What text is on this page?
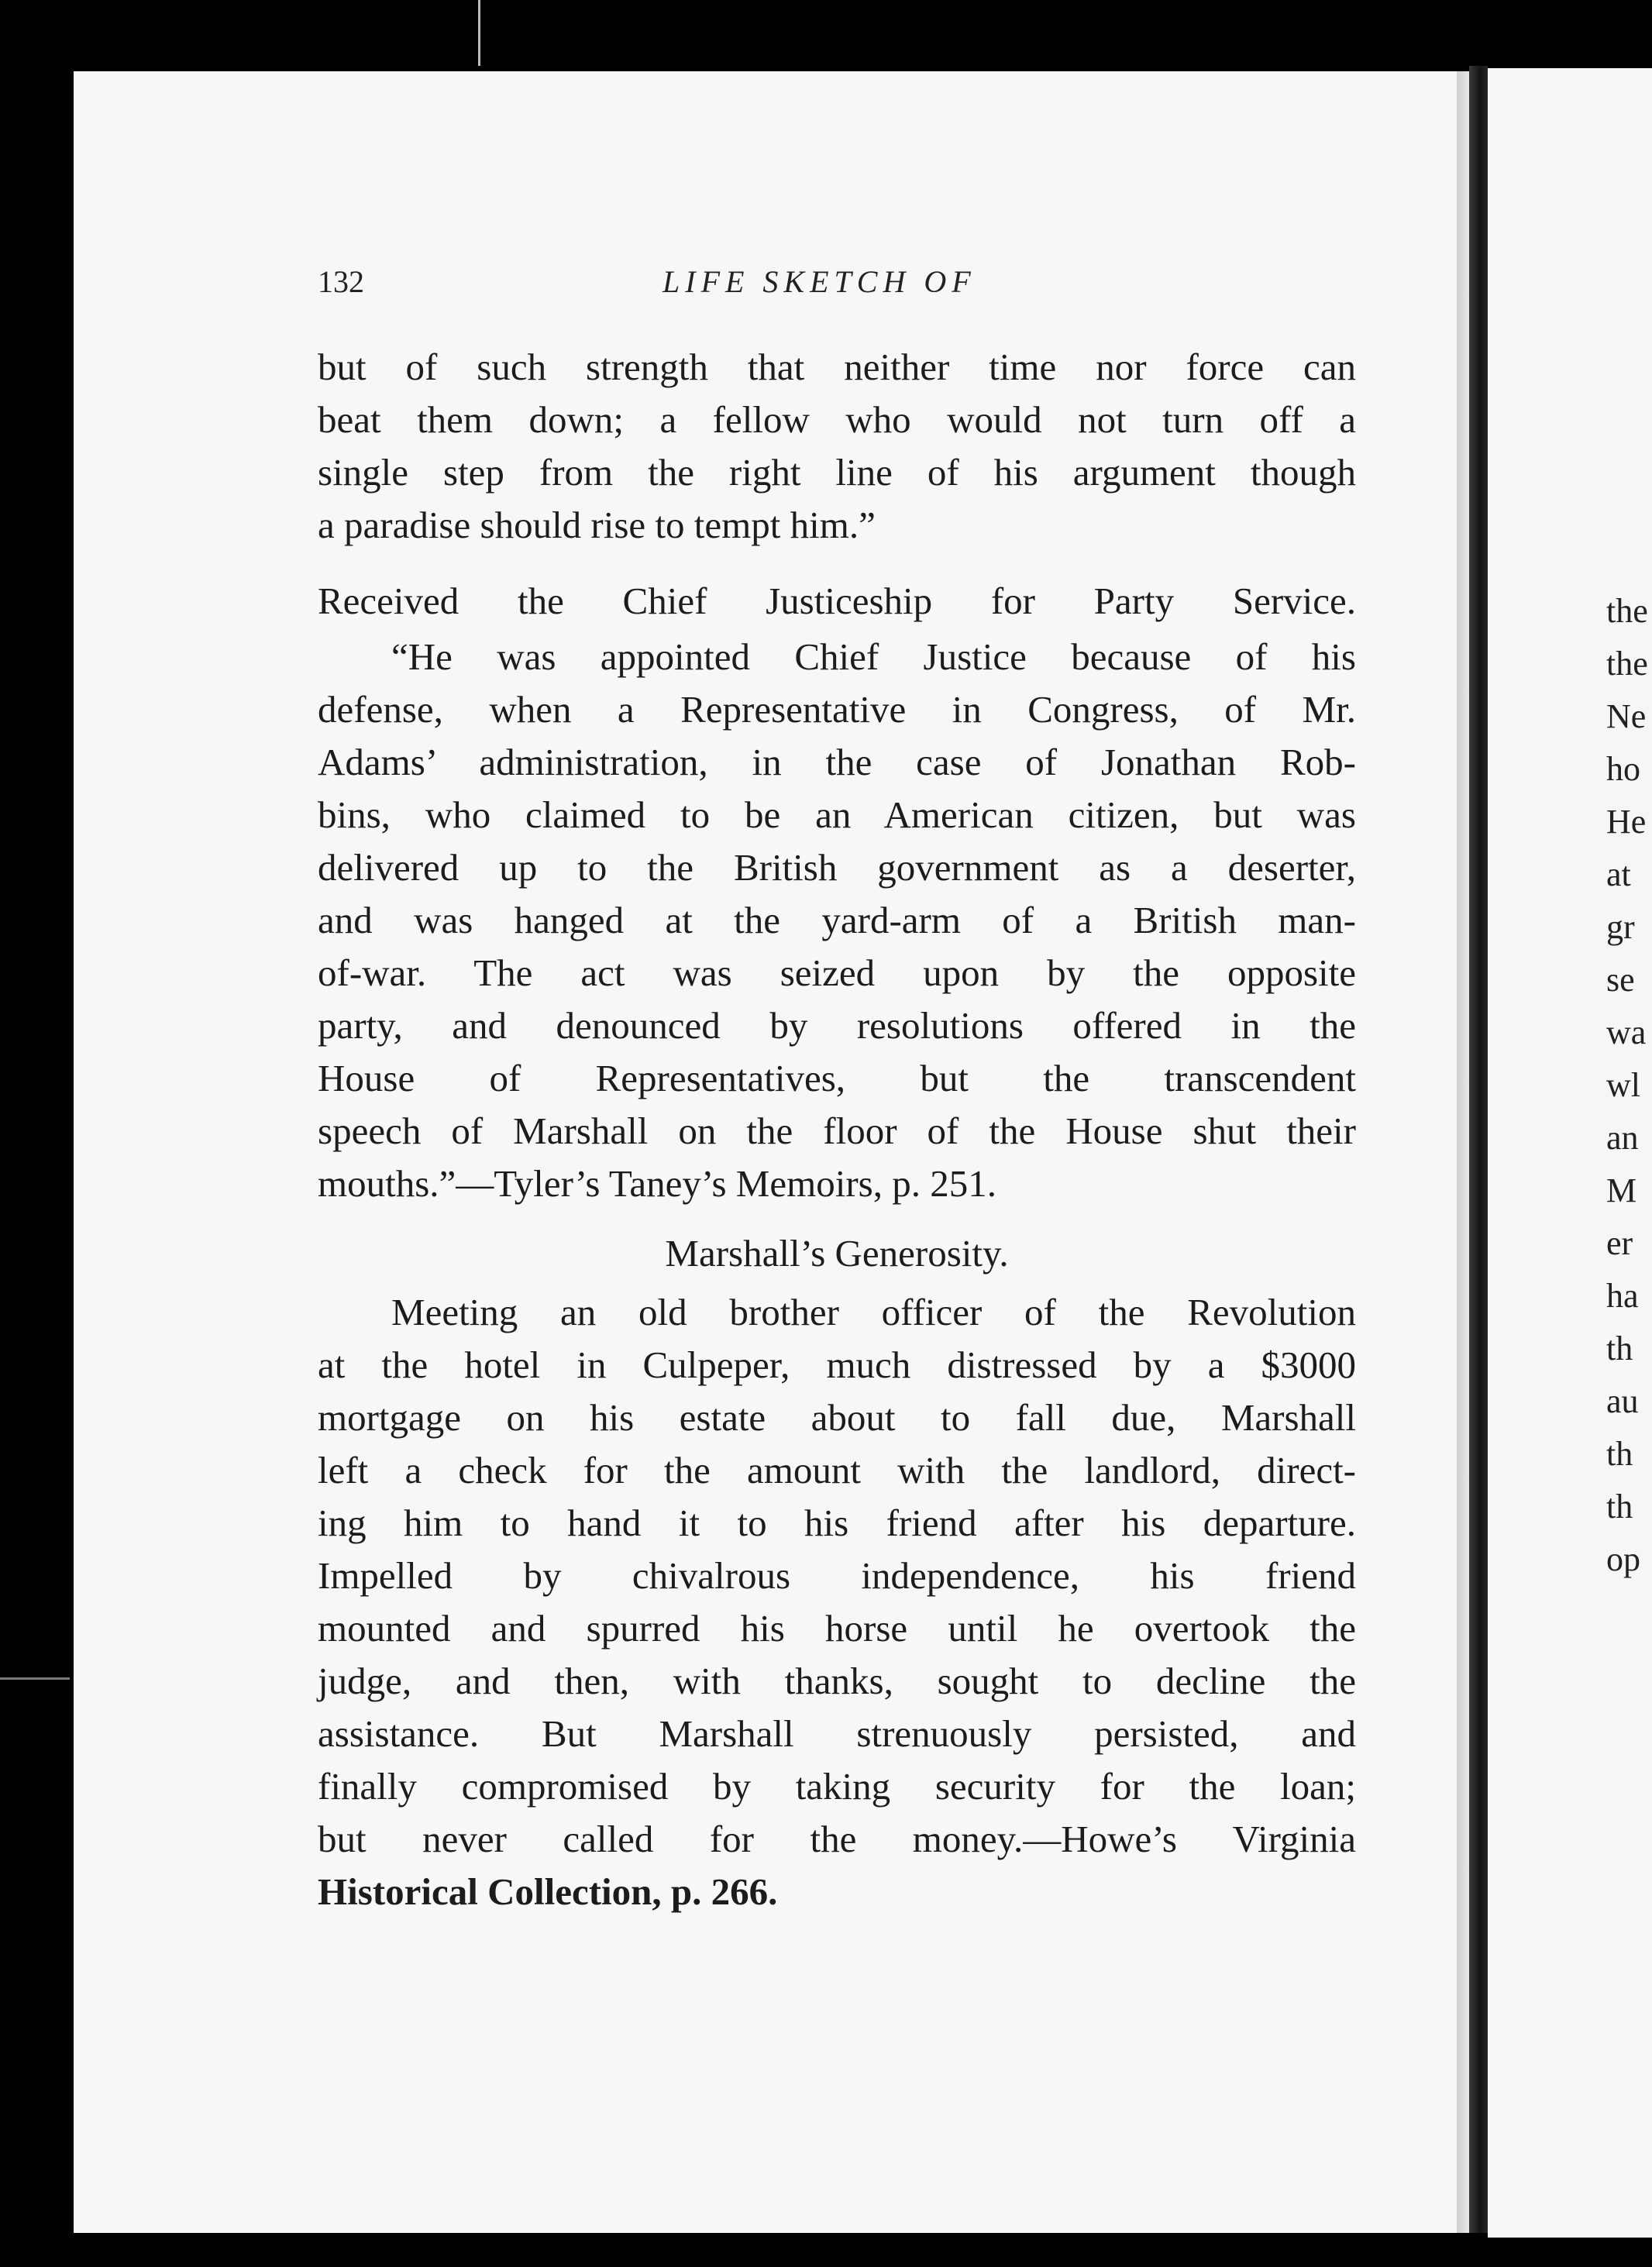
132	LIFE SKETCH OF
but of such strength that neither time nor force can
beat them down; a fellow who would not turn off a
single step from the right line of his argument though
a paradise should rise to tempt him.”
Received the Chief Justiceship for Party Service.
“He was appointed Chief Justice because of his
defense, when a Representative in Congress, of Mr.
Adams’ administration, in the case of Jonathan Rob-
bins, who claimed to be an American citizen, but was
delivered up to the British government as a deserter,
and was hanged at the yard-arm of a British man-
of-war. The act was seized upon by the opposite
party, and denounced by resolutions offered in the
House of Representatives, but the transcendent
speech of Marshall on the floor of the House shut their
mouths.”—Tyler’s Taney’s Memoirs, p. 251.
Marshall’s Generosity.
Meeting an old brother officer of the Revolution
at the hotel in Culpeper, much distressed by a $3000
mortgage on his estate about to fall due, Marshall
left a check for the amount with the landlord, direct-
ing him to hand it to his friend after his departure.
Impelled by chivalrous independence, his friend
mounted and spurred his horse until he overtook the
judge, and then, with thanks, sought to decline the
assistance. But Marshall strenuously persisted, and
finally compromised by taking security for the loan;
but never called for the money.—Howe’s Virginia
Historical Collection, p. 266.
the
the
Ne
ho
He
at
gr
se
wa
wl
an
M
er
ha
th
au
th
th
op
